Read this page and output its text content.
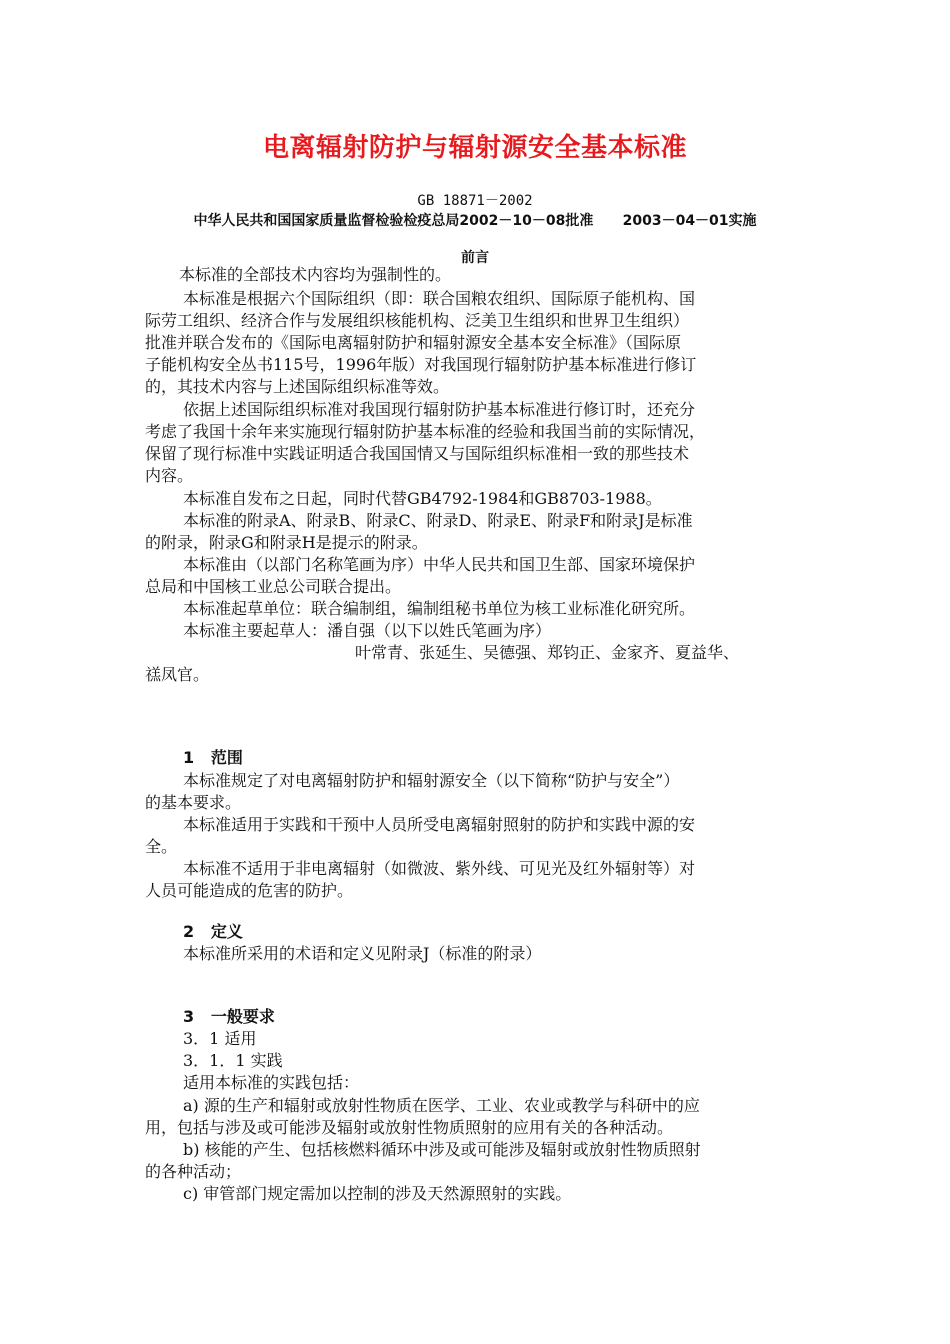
电离辐射防护与辐射源安全基本标准
GB 18871－2002
中华人民共和国国家质量监督检验检疫总局2002－10－08批准      2003－04－01实施
前言
本标准的全部技术内容均为强制性的。
本标准是根据六个国际组织（即：联合国粮农组织、国际原子能机构、国
际劳工组织、经济合作与发展组织核能机构、泛美卫生组织和世界卫生组织）
批准并联合发布的《国际电离辐射防护和辐射源安全基本安全标准》（国际原
子能机构安全丛书115号，1996年版）对我国现行辐射防护基本标准进行修订
的，其技术内容与上述国际组织标准等效。
依据上述国际组织标准对我国现行辐射防护基本标准进行修订时，还充分
考虑了我国十余年来实施现行辐射防护基本标准的经验和我国当前的实际情况，
保留了现行标准中实践证明适合我国国情又与国际组织标准相一致的那些技术
内容。
本标准自发布之日起，同时代替GB4792-1984和GB8703-1988。
本标准的附录A、附录B、附录C、附录D、附录E、附录F和附录J是标准
的附录，附录G和附录H是提示的附录。
本标准由（以部门名称笔画为序）中华人民共和国卫生部、国家环境保护
总局和中国核工业总公司联合提出。
本标准起草单位：联合编制组，编制组秘书单位为核工业标准化研究所。
本标准主要起草人：潘自强（以下以姓氏笔画为序）
叶常青、张延生、吴德强、郑钧正、金家齐、夏益华、
禚凤官。
1   范围
本标准规定了对电离辐射防护和辐射源安全（以下简称“防护与安全”）
的基本要求。
本标准适用于实践和干预中人员所受电离辐射照射的防护和实践中源的安
全。
本标准不适用于非电离辐射（如微波、紫外线、可见光及红外辐射等）对
人员可能造成的危害的防护。
2   定义
本标准所采用的术语和定义见附录J（标准的附录）
3   一般要求
3．1 适用
3．1．1 实践
适用本标准的实践包括：
a) 源的生产和辐射或放射性物质在医学、工业、农业或教学与科研中的应
用，包括与涉及或可能涉及辐射或放射性物质照射的应用有关的各种活动。
b) 核能的产生、包括核燃料循环中涉及或可能涉及辐射或放射性物质照射
的各种活动；
c) 审管部门规定需加以控制的涉及天然源照射的实践。
